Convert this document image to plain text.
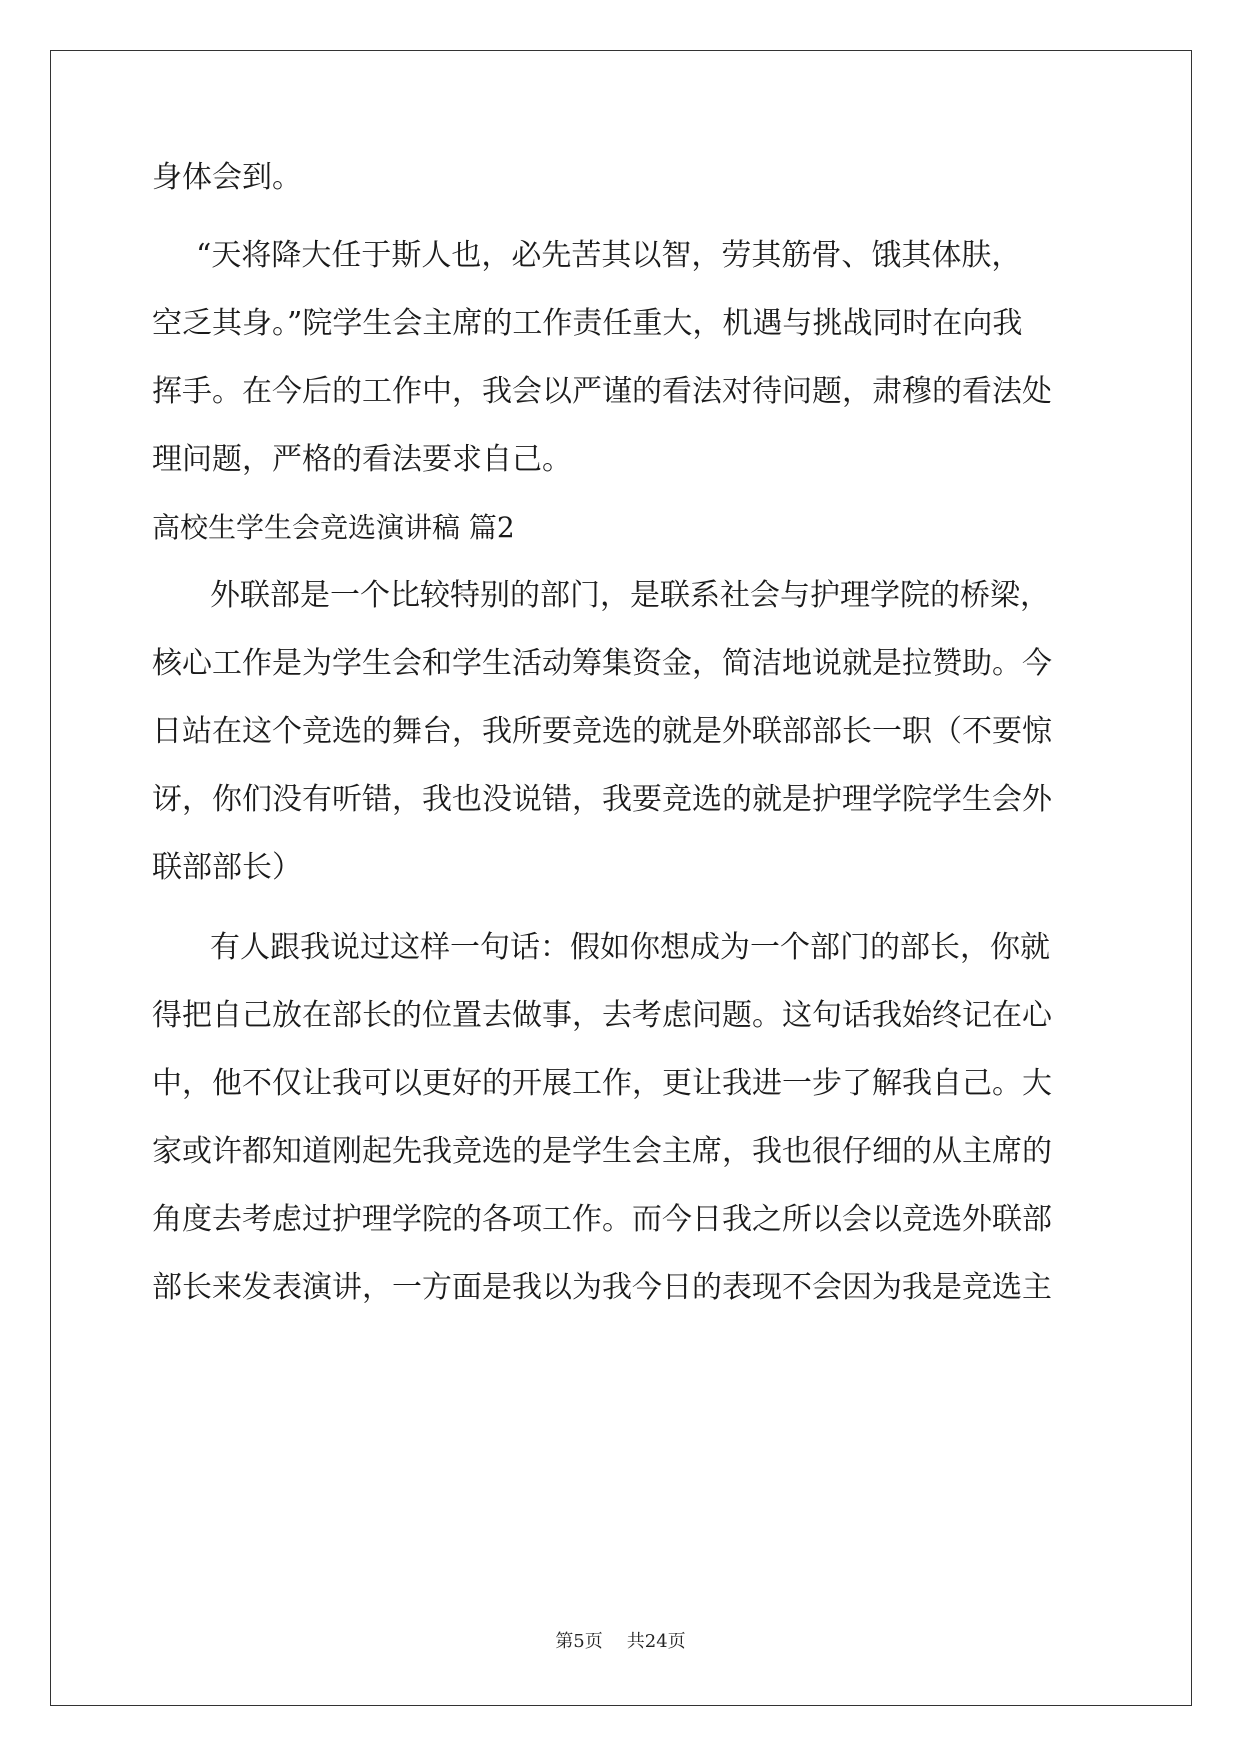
身体会到。
“天将降大任于斯人也，必先苦其以智，劳其筋骨、饿其体肤，
空乏其身。”院学生会主席的工作责任重大，机遇与挑战同时在向我
挥手。在今后的工作中，我会以严谨的看法对待问题，肃穆的看法处
理问题，严格的看法要求自己。
高校生学生会竞选演讲稿 篇2
外联部是一个比较特别的部门，是联系社会与护理学院的桥梁，
核心工作是为学生会和学生活动筹集资金，简洁地说就是拉赞助。今
日站在这个竞选的舞台，我所要竞选的就是外联部部长一职（不要惊
讶，你们没有听错，我也没说错，我要竞选的就是护理学院学生会外
联部部长）
有人跟我说过这样一句话：假如你想成为一个部门的部长，你就
得把自己放在部长的位置去做事，去考虑问题。这句话我始终记在心
中，他不仅让我可以更好的开展工作，更让我进一步了解我自己。大
家或许都知道刚起先我竞选的是学生会主席，我也很仔细的从主席的
角度去考虑过护理学院的各项工作。而今日我之所以会以竞选外联部
部长来发表演讲，一方面是我以为我今日的表现不会因为我是竞选主
第5页 共24页
